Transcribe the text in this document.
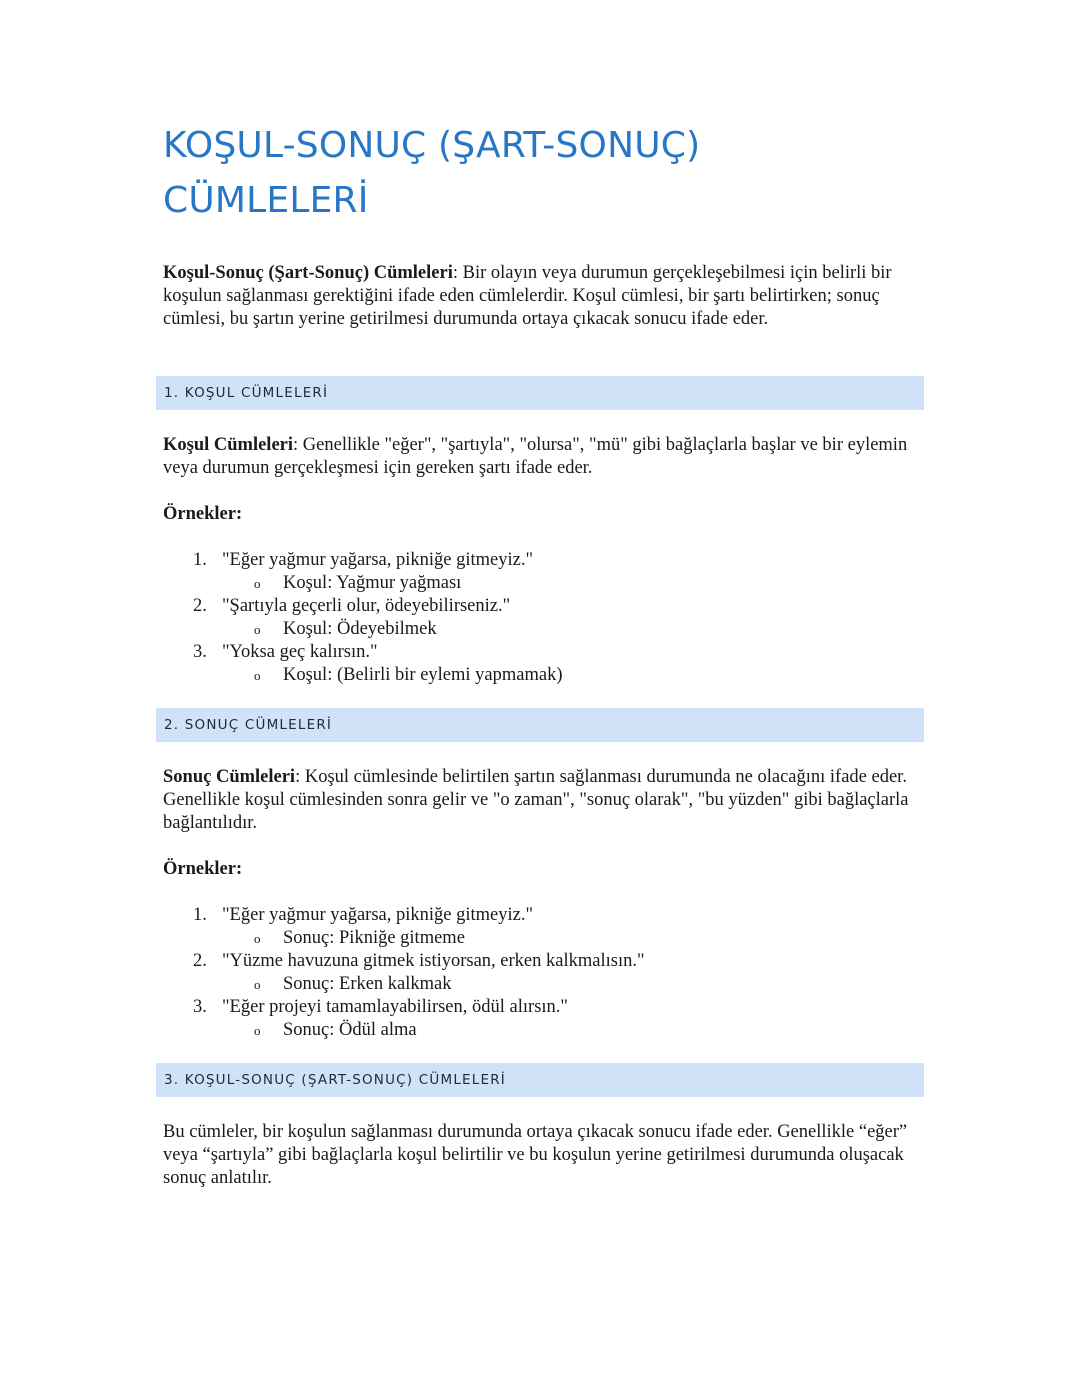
KOŞUL-SONUÇ (ŞART-SONUÇ)
CÜMLELERİ

Koşul-Sonuç (Şart-Sonuç) Cümleleri: Bir olayın veya durumun gerçekleşebilmesi için belirli bir koşulun sağlanması gerektiğini ifade eden cümlelerdir. Koşul cümlesi, bir şartı belirtirken; sonuç cümlesi, bu şartın yerine getirilmesi durumunda ortaya çıkacak sonucu ifade eder.

1. KOŞUL CÜMLELERİ

Koşul Cümleleri: Genellikle "eğer", "şartıyla", "olursa", "mü" gibi bağlaçlarla başlar ve bir eylemin veya durumun gerçekleşmesi için gereken şartı ifade eder.

Örnekler:

1. "Eğer yağmur yağarsa, pikniğe gitmeyiz."
o Koşul: Yağmur yağması
2. "Şartıyla geçerli olur, ödeyebilirseniz."
o Koşul: Ödeyebilmek
3. "Yoksa geç kalırsın."
o Koşul: (Belirli bir eylemi yapmamak)
2. SONUÇ CÜMLELERİ

Sonuç Cümleleri: Koşul cümlesinde belirtilen şartın sağlanması durumunda ne olacağını ifade eder. Genellikle koşul cümlesinden sonra gelir ve "o zaman", "sonuç olarak", "bu yüzden" gibi bağlaçlarla bağlantılıdır.

Örnekler:

1. "Eğer yağmur yağarsa, pikniğe gitmeyiz."
o Sonuç: Pikniğe gitmeme
2. "Yüzme havuzuna gitmek istiyorsan, erken kalkmalısın."
o Sonuç: Erken kalkmak
3. "Eğer projeyi tamamlayabilirsen, ödül alırsın."
o Sonuç: Ödül alma
3. KOŞUL-SONUÇ (ŞART-SONUÇ) CÜMLELERİ

Bu cümleler, bir koşulun sağlanması durumunda ortaya çıkacak sonucu ifade eder. Genellikle “eğer” veya “şartıyla” gibi bağlaçlarla koşul belirtilir ve bu koşulun yerine getirilmesi durumunda oluşacak sonuç anlatılır.
